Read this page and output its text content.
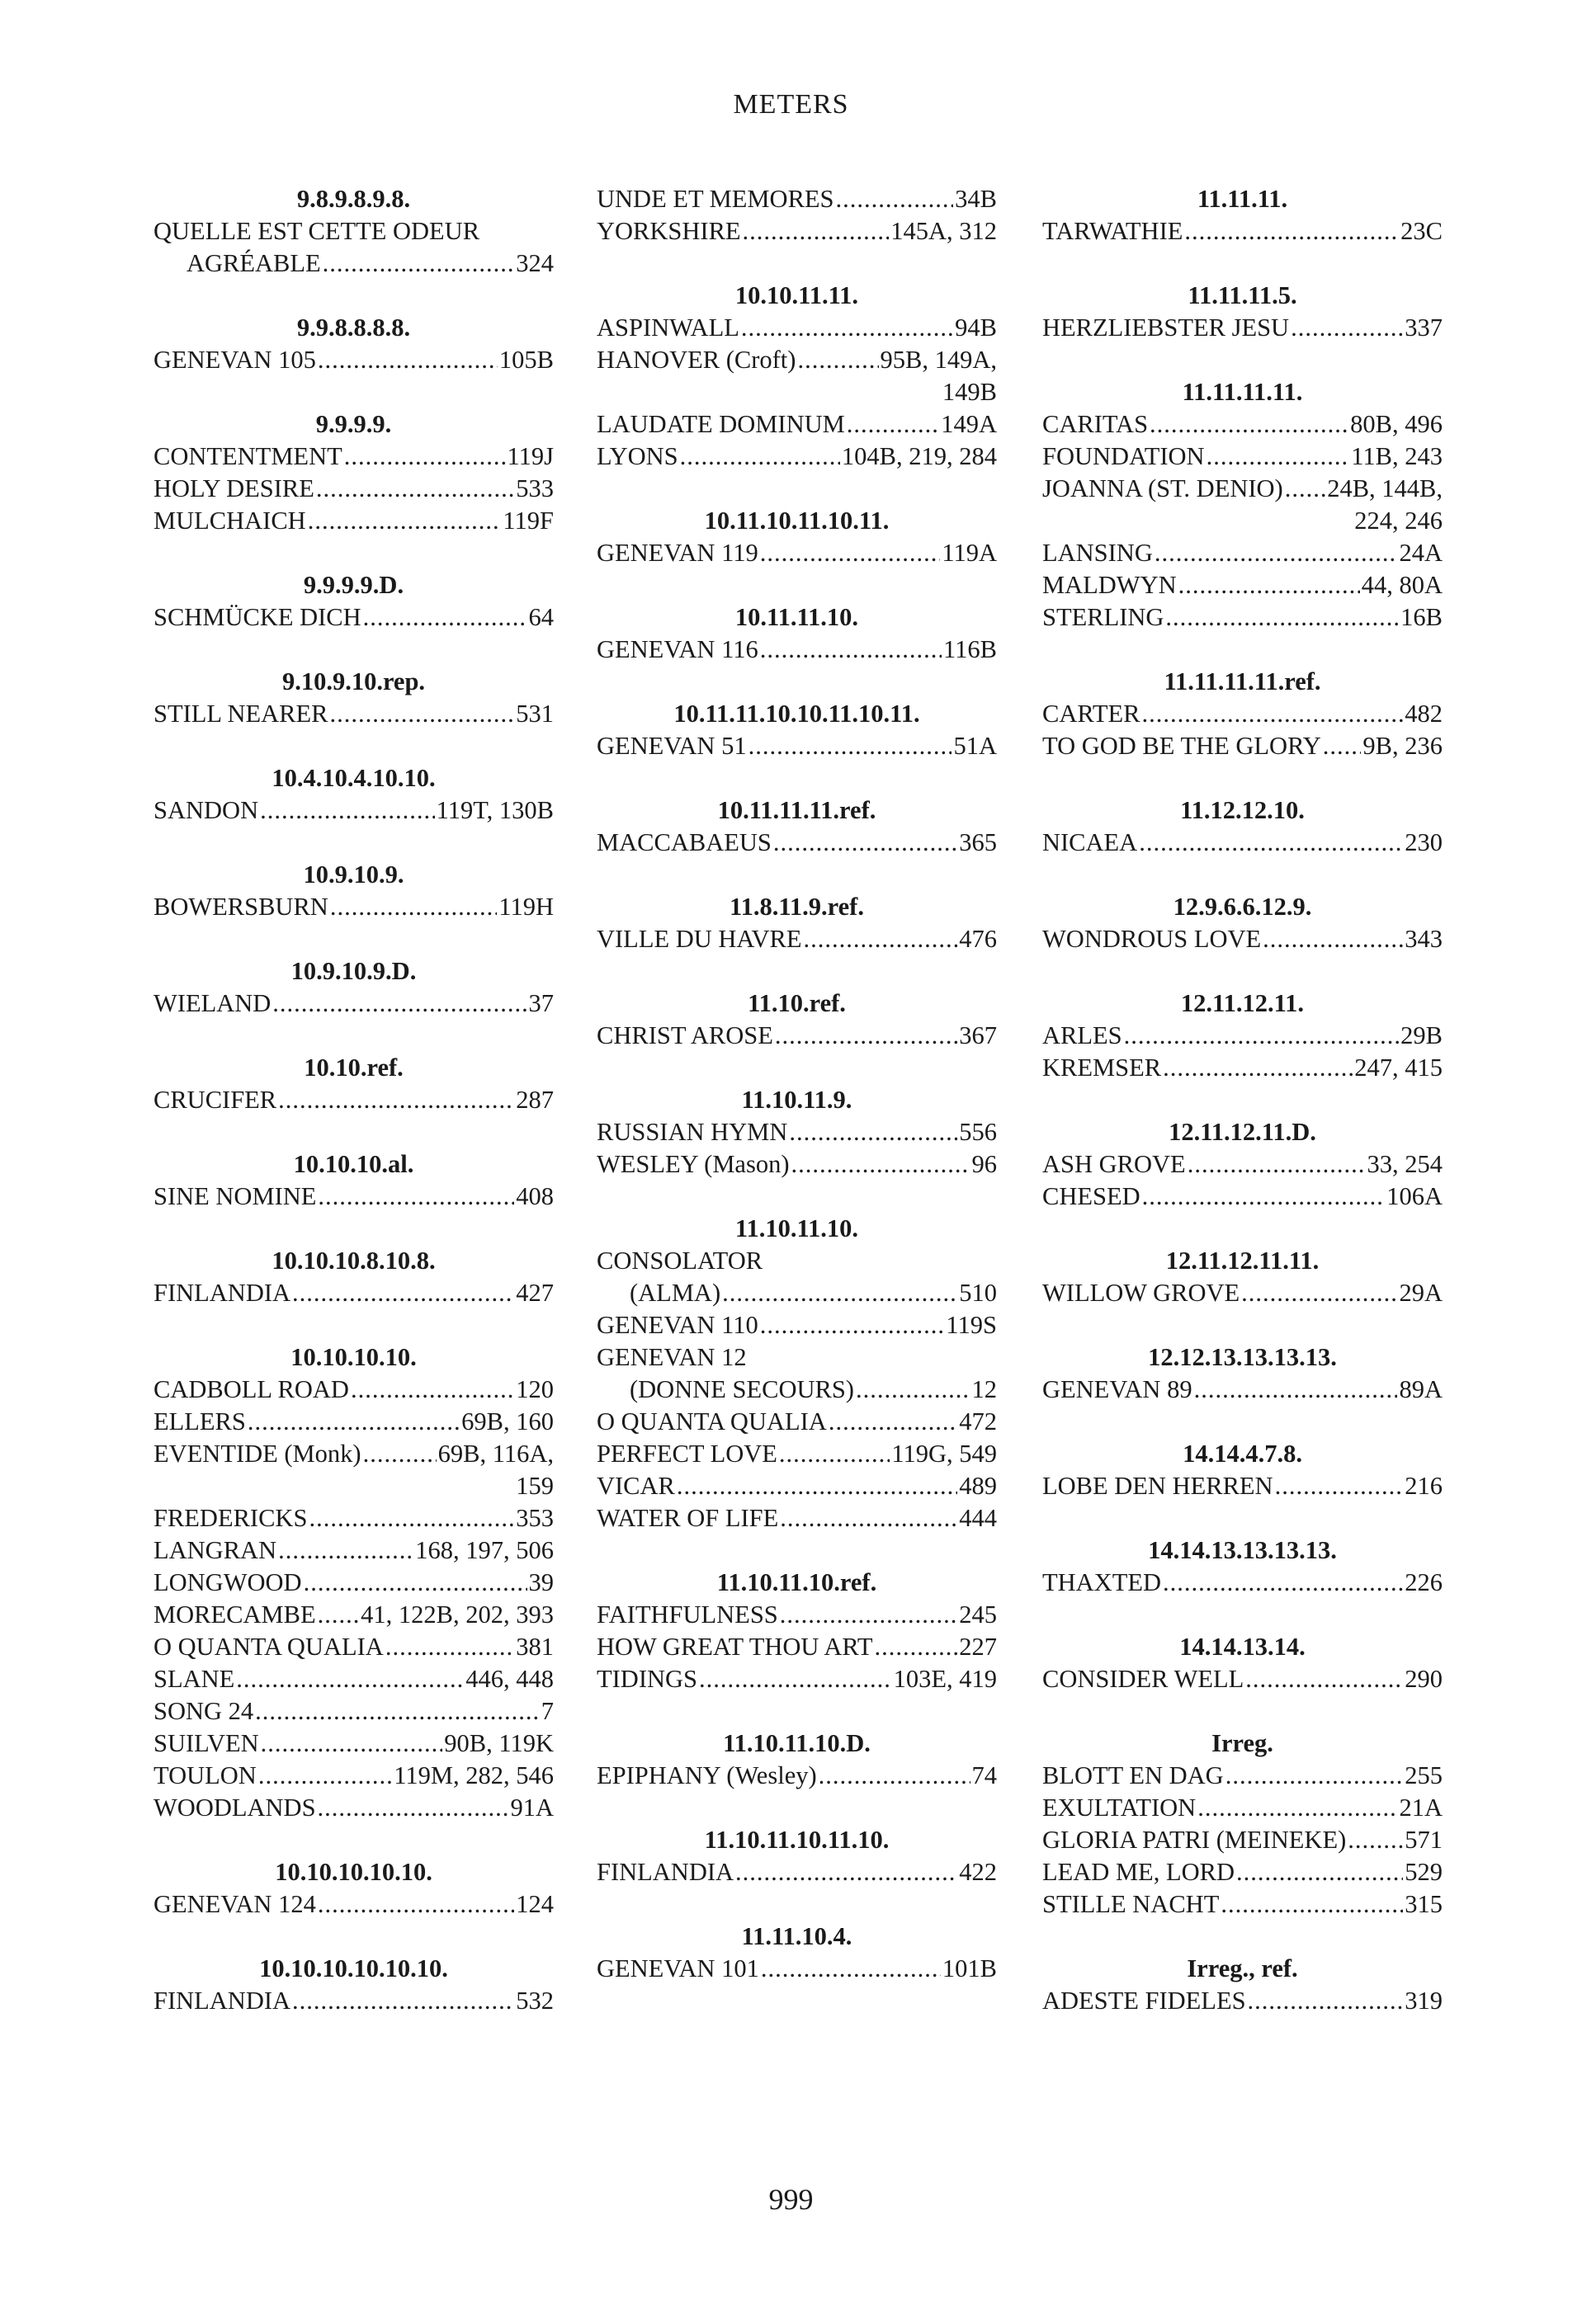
METERS
9.8.9.8.9.8.
QUELLE EST CETTE ODEUR
AGRÉABLE .....	324
9.9.8.8.8.8.
GENEVAN 105 .....	105B
9.9.9.9.
CONTENTMENT .....	119J
HOLY DESIRE .....	533
MULCHAICH .....	119F
9.9.9.9.D.
SCHMÜCKE DICH .....	64
9.10.9.10.rep.
STILL NEARER .....	531
10.4.10.4.10.10.
SANDON .....	119T, 130B
10.9.10.9.
BOWERSBURN .....	119H
10.9.10.9.D.
WIELAND .....	37
10.10.ref.
CRUCIFER .....	287
10.10.10.al.
SINE NOMINE .....	408
10.10.10.8.10.8.
FINLANDIA .....	427
10.10.10.10.
CADBOLL ROAD .....	120
ELLERS .....	69B, 160
EVENTIDE (Monk) .....	69B, 116A,
159
FREDERICKS .....	353
LANGRAN .....	168, 197, 506
LONGWOOD .....	39
MORECAMBE ..... 41, 122B, 202, 393
O QUANTA QUALIA .....	381
SLANE .....	446, 448
SONG 24 .....	7
SUILVEN .....	90B, 119K
TOULON .....	119M, 282, 546
WOODLANDS .....	91A
10.10.10.10.10.
GENEVAN 124 .....	124
10.10.10.10.10.10.
FINLANDIA .....	532
UNDE ET MEMORES .....	34B
YORKSHIRE .....	145A, 312
10.10.11.11.
ASPINWALL .....	94B
HANOVER (Croft) .....	95B, 149A,
149B
LAUDATE DOMINUM .....	149A
LYONS .....	104B, 219, 284
10.11.10.11.10.11.
GENEVAN 119 .....	119A
10.11.11.10.
GENEVAN 116 .....	116B
10.11.11.10.10.11.10.11.
GENEVAN 51 .....	51A
10.11.11.11.ref.
MACCABAEUS .....	365
11.8.11.9.ref.
VILLE DU HAVRE .....	476
11.10.ref.
CHRIST AROSE .....	367
11.10.11.9.
RUSSIAN HYMN .....	556
WESLEY (Mason) .....	96
11.10.11.10.
CONSOLATOR
(ALMA) .....	510
GENEVAN 110 .....	119S
GENEVAN 12
(DONNE SECOURS) .....	12
O QUANTA QUALIA .....	472
PERFECT LOVE .....	119G, 549
VICAR .....	489
WATER OF LIFE .....	444
11.10.11.10.ref.
FAITHFULNESS .....	245
HOW GREAT THOU ART .....	227
TIDINGS .....	103E, 419
11.10.11.10.D.
EPIPHANY (Wesley) .....	74
11.10.11.10.11.10.
FINLANDIA .....	422
11.11.10.4.
GENEVAN 101 .....	101B
11.11.11.
TARWATHIE .....	23C
11.11.11.5.
HERZLIEBSTER JESU .....	337
11.11.11.11.
CARITAS .....	80B, 496
FOUNDATION .....	11B, 243
JOANNA (ST. DENIO) ..... 24B, 144B,
224, 246
LANSING .....	24A
MALDWYN .....	44, 80A
STERLING .....	16B
11.11.11.11.ref.
CARTER .....	482
TO GOD BE THE GLORY ..... 9B, 236
11.12.12.10.
NICAEA .....	230
12.9.6.6.12.9.
WONDROUS LOVE .....	343
12.11.12.11.
ARLES .....	29B
KREMSER .....	247, 415
12.11.12.11.D.
ASH GROVE .....	33, 254
CHESED .....	106A
12.11.12.11.11.
WILLOW GROVE .....	29A
12.12.13.13.13.13.
GENEVAN 89 .....	89A
14.14.4.7.8.
LOBE DEN HERREN .....	216
14.14.13.13.13.13.
THAXTED .....	226
14.14.13.14.
CONSIDER WELL .....	290
Irreg.
BLOTT EN DAG .....	255
EXULTATION .....	21A
GLORIA PATRI (MEINEKE) ..... 571
LEAD ME, LORD .....	529
STILLE NACHT .....	315
Irreg., ref.
ADESTE FIDELES .....	319
999
